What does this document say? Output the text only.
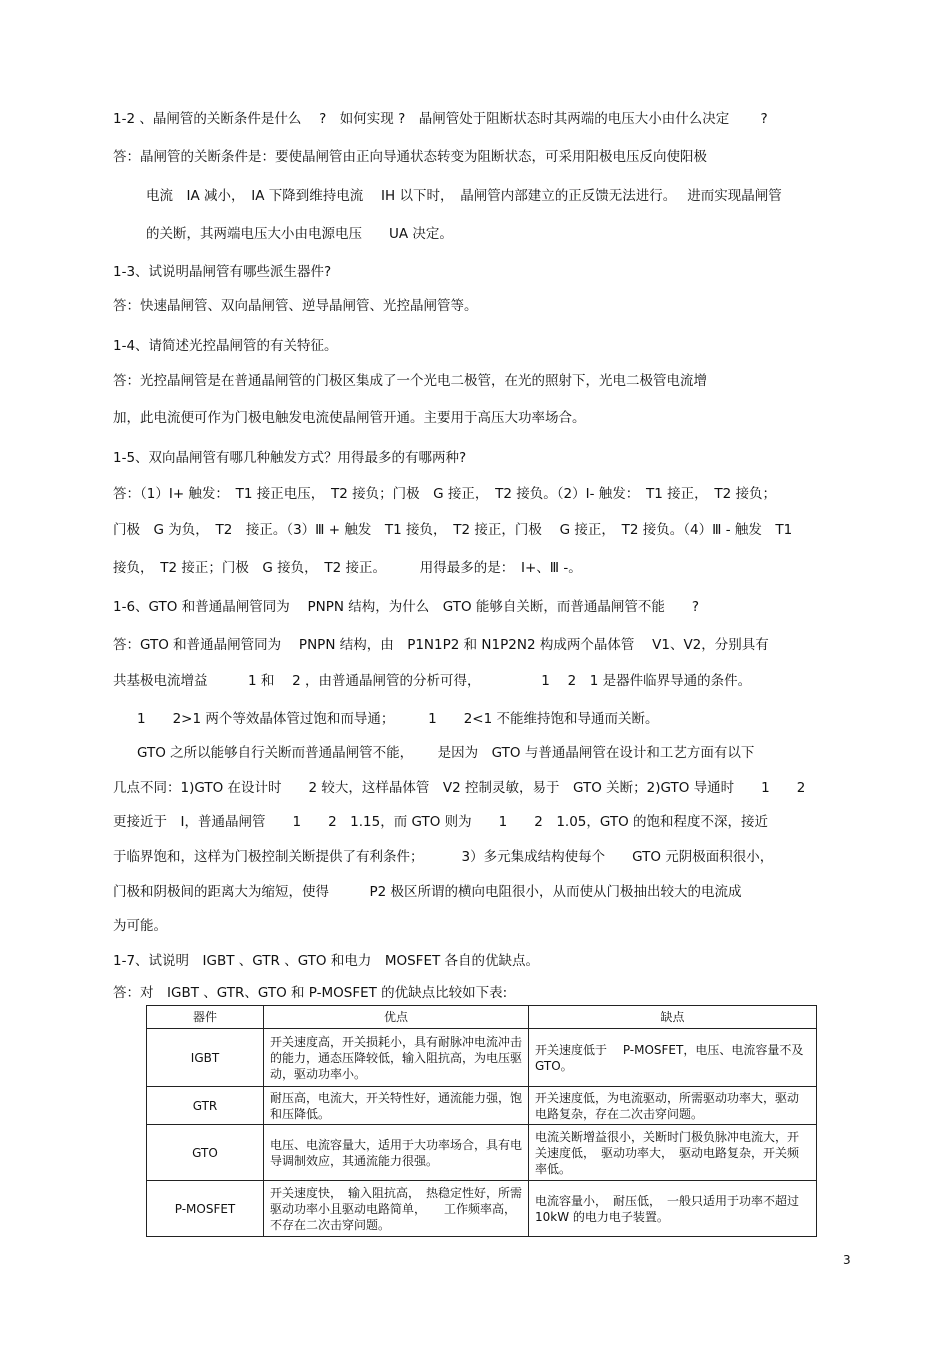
1-2 、晶闸管的关断条件是什么　 ?　如何实现 ?　晶闸管处于阻断状态时其两端的电压大小由什么决定　　 ?
答：晶闸管的关断条件是：要使晶闸管由正向导通状态转变为阻断状态，可采用阳极电压反向使阳极
电流　IA 减小，　IA 下降到维持电流　 IH 以下时，　晶闸管内部建立的正反馈无法进行。　 进而实现晶闸管
的关断，其两端电压大小由电源电压　　UA 决定。
1-3、试说明晶闸管有哪些派生器件?
答：快速晶闸管、双向晶闸管、逆导晶闸管、光控晶闸管等。
1-4、请简述光控晶闸管的有关特征。
答：光控晶闸管是在普通晶闸管的门极区集成了一个光电二极管，在光的照射下，光电二极管电流增
加，此电流便可作为门极电触发电流使晶闸管开通。主要用于高压大功率场合。
1-5、双向晶闸管有哪几种触发方式？用得最多的有哪两种?
答：（1）I+ 触发：　T1 接正电压，　T2 接负；门极　G 接正，　T2 接负。（2）I- 触发：　T1 接正，　T2 接负；
门极　G 为负，　T2　接正。（3）Ⅲ + 触发　T1 接负，　T2 接正，门极　 G 接正，　T2 接负。（4）Ⅲ - 触发　T1
接负，　T2 接正；门极　G 接负，　T2 接正。　　　用得最多的是：　I+、Ⅲ -。
1-6、GTO 和普通晶闸管同为　 PNPN 结构，为什么　GTO 能够自关断，而普通晶闸管不能　　?
答：GTO 和普通晶闸管同为　 PNPN 结构，由　P1N1P2 和 N1P2N2 构成两个晶体管　 V1、V2，分别具有
共基极电流增益　　　1 和　 2 ，由普通晶闸管的分析可得，　　　　　1　 2　1 是器件临界导通的条件。
1　　2>1 两个等效晶体管过饱和而导通；　　　1　　2<1 不能维持饱和导通而关断。
GTO 之所以能够自行关断而普通晶闸管不能，　　 是因为　GTO 与普通晶闸管在设计和工艺方面有以下
几点不同：1)GTO 在设计时　　2 较大，这样晶体管　V2 控制灵敏，易于　GTO 关断；2)GTO 导通时　　1　　2
更接近于　I，普通晶闸管　　1　　2　1.15，而 GTO 则为　　1　　2　1.05，GTO 的饱和程度不深，接近
于临界饱和，这样为门极控制关断提供了有利条件；　　　 3）多元集成结构使每个　　GTO 元阴极面积很小，
门极和阴极间的距离大为缩短，使得　　　P2 极区所谓的横向电阻很小，从而使从门极抽出较大的电流成
为可能。
1-7、试说明　IGBT 、GTR 、GTO 和电力　MOSFET 各自的优缺点。
答：对　IGBT 、GTR、GTO 和 P-MOSFET 的优缺点比较如下表:
器件	优点	缺点
IGBT	开关速度高，开关损耗小，具有耐脉冲电流冲击的能力，通态压降较低，输入阻抗高，为电压驱动，驱动功率小。	开关速度低于　 P-MOSFET，电压、电流容量不及 GTO。
GTR	耐压高，电流大，开关特性好，通流能力强，饱和压降低。	开关速度低，为电流驱动，所需驱动功率大，驱动电路复杂，存在二次击穿问题。
GTO	电压、电流容量大，适用于大功率场合，具有电导调制效应，其通流能力很强。	电流关断增益很小，关断时门极负脉冲电流大，开关速度低，　驱动功率大，　驱动电路复杂，开关频率低。
P-MOSFET	开关速度快，　输入阻抗高，　热稳定性好，所需驱动功率小且驱动电路简单，　　工作频率高，不存在二次击穿问题。	电流容量小，　耐压低，　一般只适用于功率不超过 10kW 的电力电子装置。
3
